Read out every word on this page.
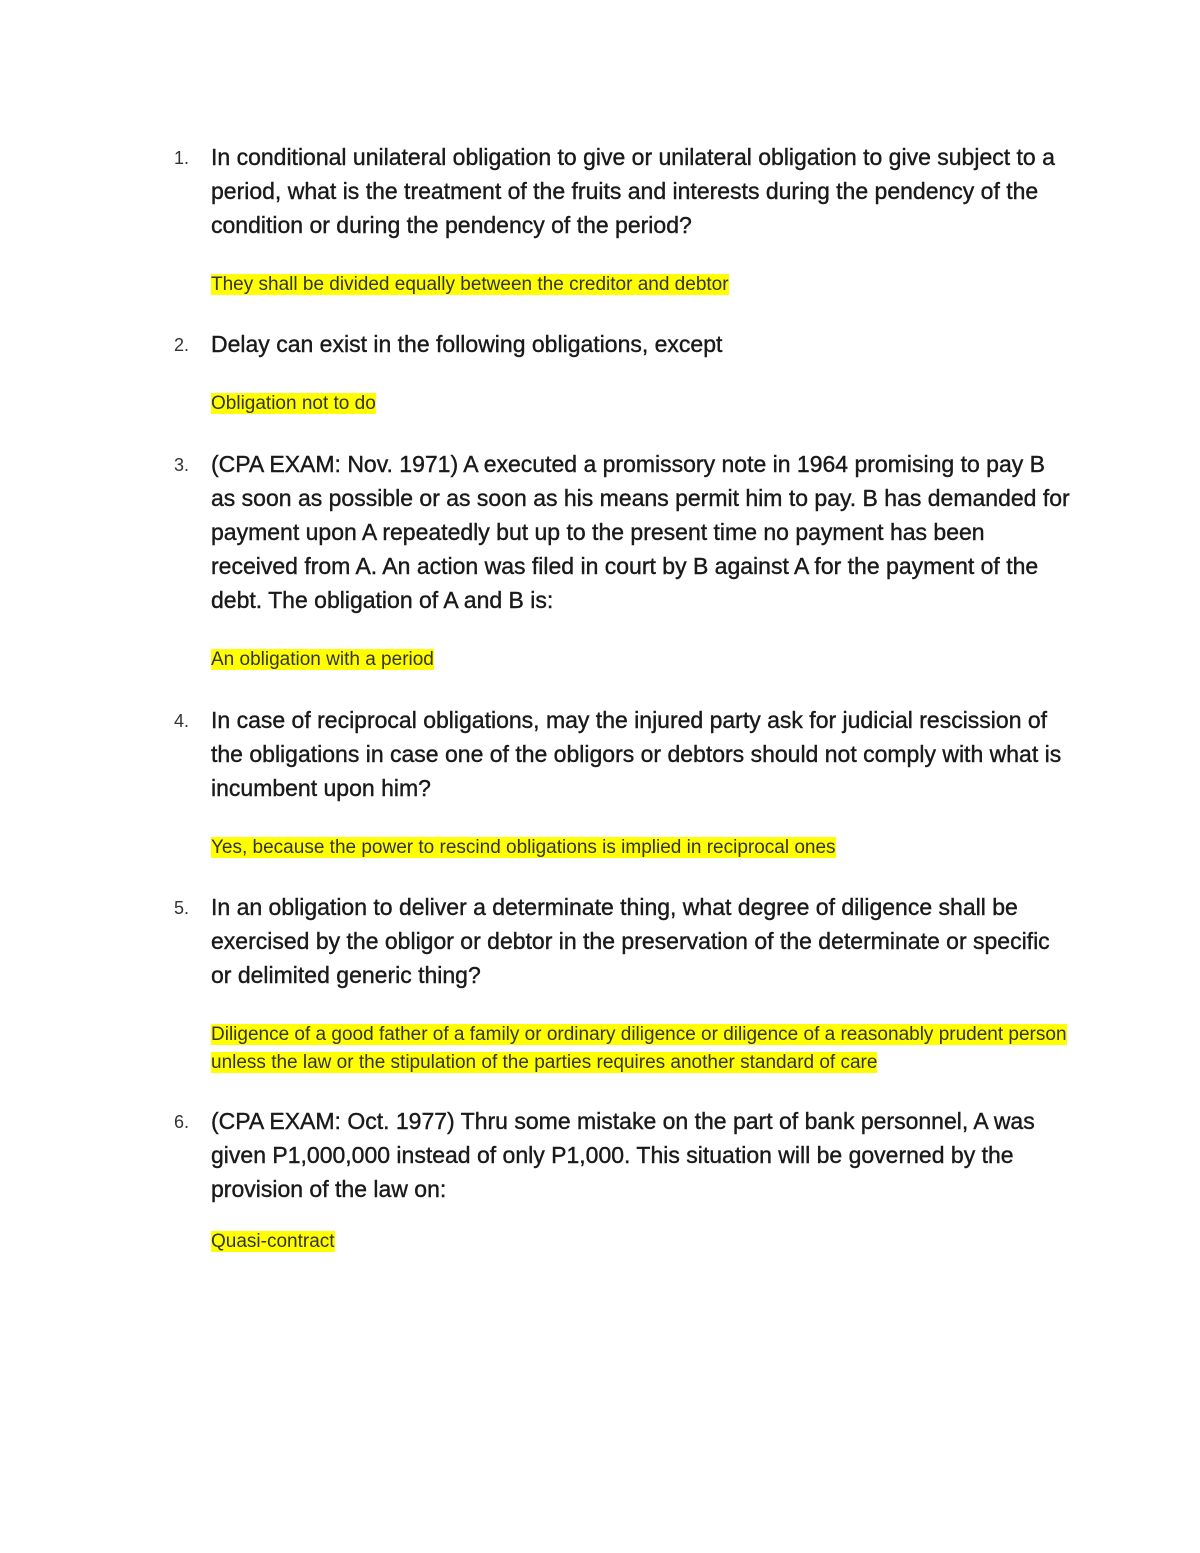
1. In conditional unilateral obligation to give or unilateral obligation to give subject to a period, what is the treatment of the fruits and interests during the pendency of the condition or during the pendency of the period?

They shall be divided equally between the creditor and debtor

2. Delay can exist in the following obligations, except

Obligation not to do

3. (CPA EXAM: Nov. 1971) A executed a promissory note in 1964 promising to pay B as soon as possible or as soon as his means permit him to pay. B has demanded for payment upon A repeatedly but up to the present time no payment has been received from A. An action was filed in court by B against A for the payment of the debt. The obligation of A and B is:

An obligation with a period

4. In case of reciprocal obligations, may the injured party ask for judicial rescission of the obligations in case one of the obligors or debtors should not comply with what is incumbent upon him?

Yes, because the power to rescind obligations is implied in reciprocal ones

5. In an obligation to deliver a determinate thing, what degree of diligence shall be exercised by the obligor or debtor in the preservation of the determinate or specific or delimited generic thing?

Diligence of a good father of a family or ordinary diligence or diligence of a reasonably prudent person unless the law or the stipulation of the parties requires another standard of care

6. (CPA EXAM: Oct. 1977) Thru some mistake on the part of bank personnel, A was given P1,000,000 instead of only P1,000. This situation will be governed by the provision of the law on:

Quasi-contract
